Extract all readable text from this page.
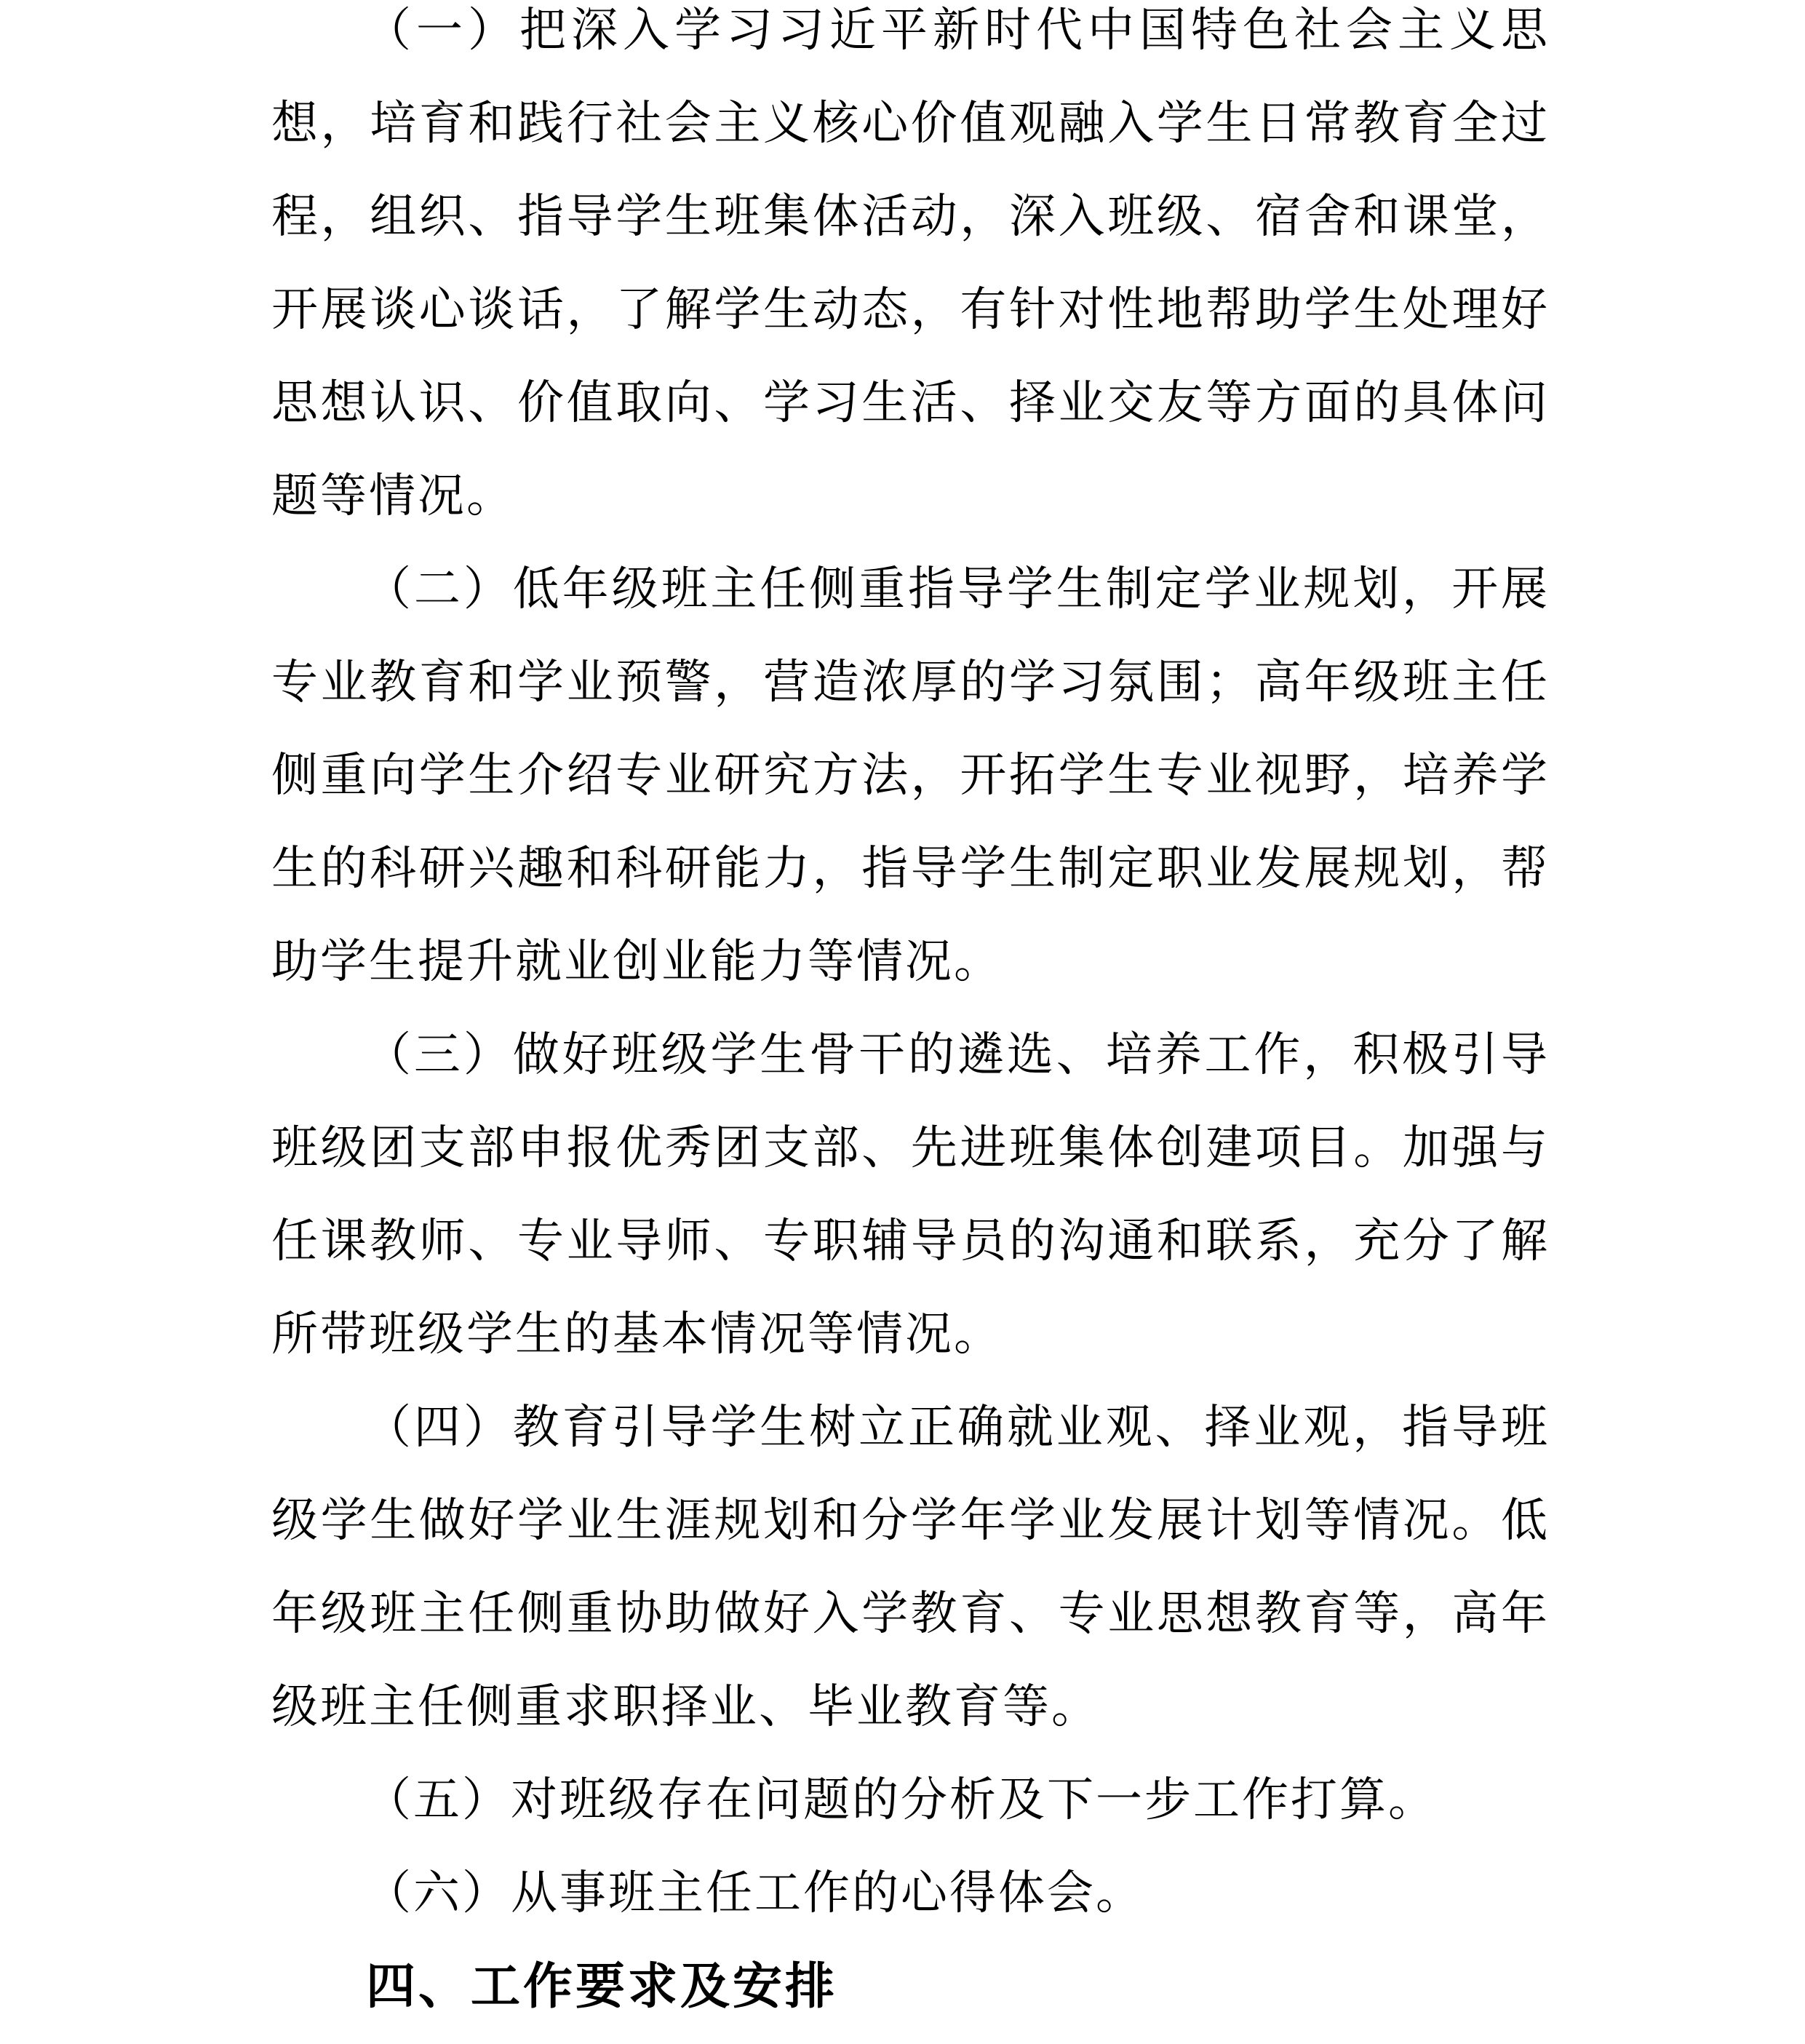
（一）把深入学习习近平新时代中国特色社会主义思想，培育和践行社会主义核心价值观融入学生日常教育全过程，组织、指导学生班集体活动，深入班级、宿舍和课堂，开展谈心谈话，了解学生动态，有针对性地帮助学生处理好思想认识、价值取向、学习生活、择业交友等方面的具体问题等情况。

（二）低年级班主任侧重指导学生制定学业规划，开展专业教育和学业预警，营造浓厚的学习氛围；高年级班主任侧重向学生介绍专业研究方法，开拓学生专业视野，培养学生的科研兴趣和科研能力，指导学生制定职业发展规划，帮助学生提升就业创业能力等情况。

（三）做好班级学生骨干的遴选、培养工作，积极引导班级团支部申报优秀团支部、先进班集体创建项目。加强与任课教师、专业导师、专职辅导员的沟通和联系，充分了解所带班级学生的基本情况等情况。

（四）教育引导学生树立正确就业观、择业观，指导班级学生做好学业生涯规划和分学年学业发展计划等情况。低年级班主任侧重协助做好入学教育、专业思想教育等，高年级班主任侧重求职择业、毕业教育等。

（五）对班级存在问题的分析及下一步工作打算。

（六）从事班主任工作的心得体会。

四、工作要求及安排
